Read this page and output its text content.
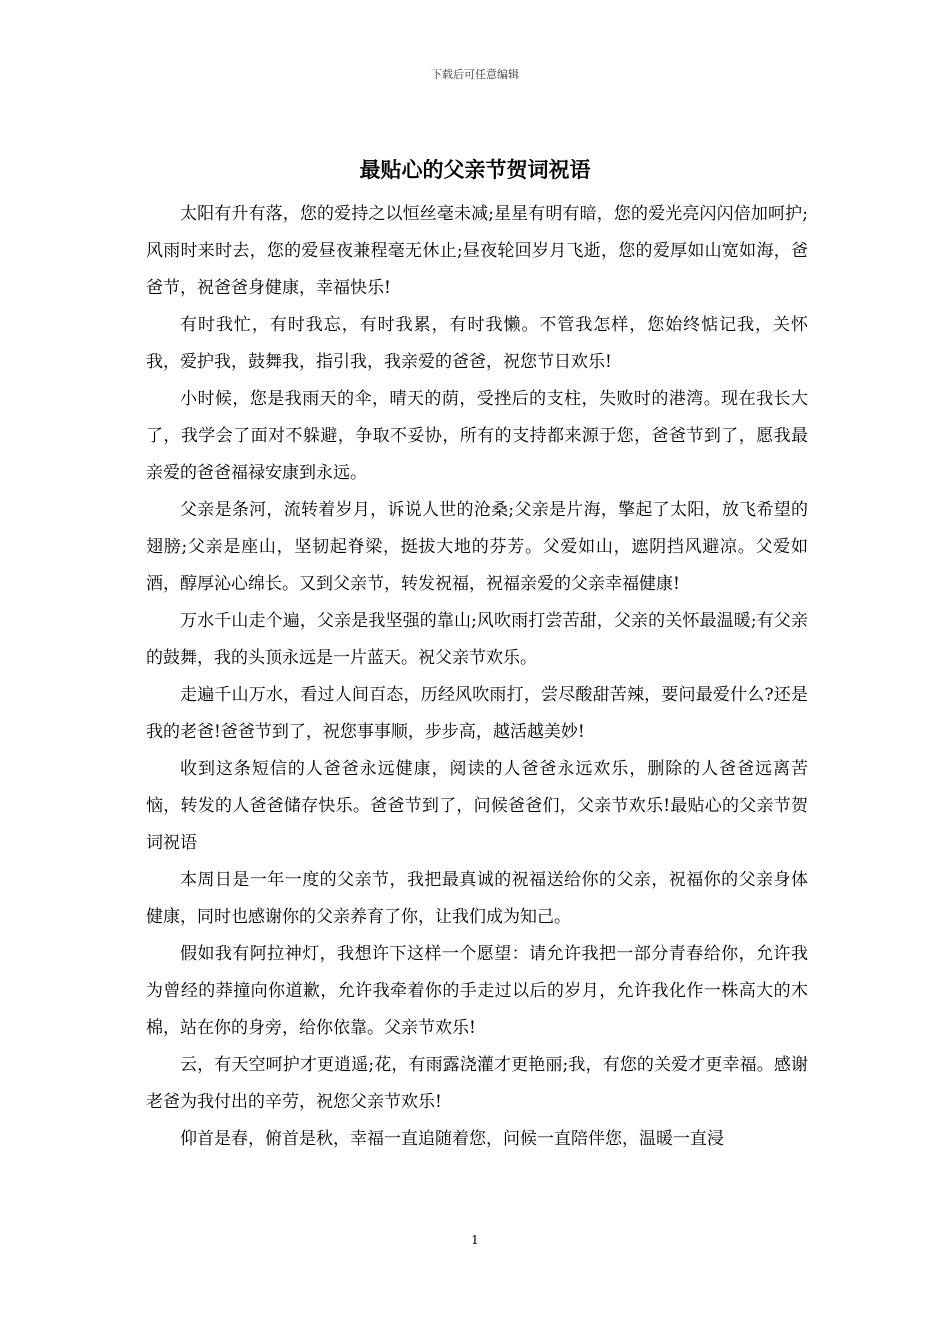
下载后可任意编辑
最贴心的父亲节贺词祝语

太阳有升有落，您的爱持之以恒丝毫未减;星星有明有暗，您的爱光亮闪闪倍加呵护;风雨时来时去，您的爱昼夜兼程毫无休止;昼夜轮回岁月飞逝，您的爱厚如山宽如海，爸爸节，祝爸爸身健康，幸福快乐!

有时我忙，有时我忘，有时我累，有时我懒。不管我怎样，您始终惦记我，关怀我，爱护我，鼓舞我，指引我，我亲爱的爸爸，祝您节日欢乐!

小时候，您是我雨天的伞，晴天的荫，受挫后的支柱，失败时的港湾。现在我长大了，我学会了面对不躲避，争取不妥协，所有的支持都来源于您，爸爸节到了，愿我最亲爱的爸爸福禄安康到永远。

父亲是条河，流转着岁月，诉说人世的沧桑;父亲是片海，擎起了太阳，放飞希望的翅膀;父亲是座山，坚韧起脊梁，挺拔大地的芬芳。父爱如山，遮阴挡风避凉。父爱如酒，醇厚沁心绵长。又到父亲节，转发祝福，祝福亲爱的父亲幸福健康!

万水千山走个遍，父亲是我坚强的靠山;风吹雨打尝苦甜，父亲的关怀最温暖;有父亲的鼓舞，我的头顶永远是一片蓝天。祝父亲节欢乐。

走遍千山万水，看过人间百态，历经风吹雨打，尝尽酸甜苦辣，要问最爱什么?还是我的老爸!爸爸节到了，祝您事事顺，步步高，越活越美妙!

收到这条短信的人爸爸永远健康，阅读的人爸爸永远欢乐，删除的人爸爸远离苦恼，转发的人爸爸储存快乐。爸爸节到了，问候爸爸们，父亲节欢乐!最贴心的父亲节贺词祝语

本周日是一年一度的父亲节，我把最真诚的祝福送给你的父亲，祝福你的父亲身体健康，同时也感谢你的父亲养育了你，让我们成为知己。

假如我有阿拉神灯，我想许下这样一个愿望：请允许我把一部分青春给你，允许我为曾经的莽撞向你道歉，允许我牵着你的手走过以后的岁月，允许我化作一株高大的木棉，站在你的身旁，给你依靠。父亲节欢乐!

云，有天空呵护才更逍遥;花，有雨露浇灌才更艳丽;我，有您的关爱才更幸福。感谢老爸为我付出的辛劳，祝您父亲节欢乐!

仰首是春，俯首是秋，幸福一直追随着您，问候一直陪伴您，温暖一直浸

1
